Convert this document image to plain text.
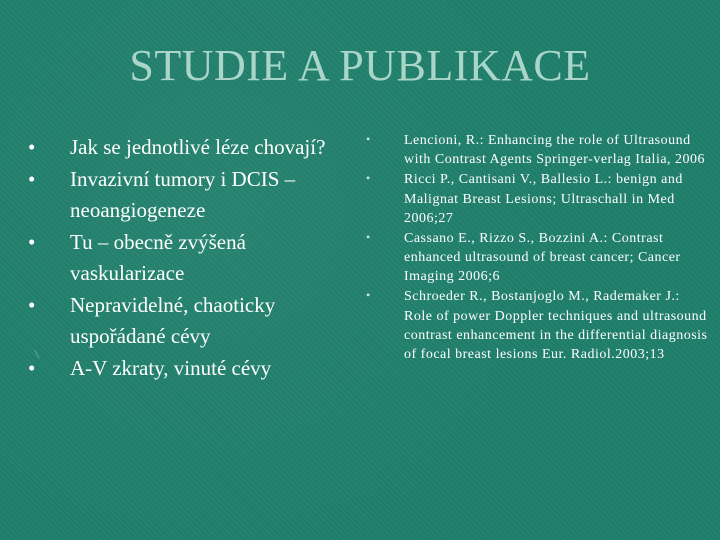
STUDIE A PUBLIKACE
•	Jak se jednotlivé léze chovají?
•	Invazivní tumory i DCIS – neoangiogeneze
•	Tu – obecně zvýšená vaskularizace
•	Nepravidelné, chaoticky uspořádané cévy
•	A-V zkraty, vinuté cévy
•	Lencioni, R.: Enhancing the role of Ultrasound with Contrast Agents Springer-verlag Italia, 2006
•	Ricci P., Cantisani V., Ballesio L.: benign and Malignat Breast Lesions; Ultraschall in Med 2006;27
•	Cassano E., Rizzo S., Bozzini A.: Contrast enhanced ultrasound of breast cancer; Cancer Imaging 2006;6
•	Schroeder R., Bostanjoglo M., Rademaker J.: Role of power Doppler techniques and ultrasound contrast enhancement in the differential diagnosis of focal breast lesions Eur. Radiol.2003;13
